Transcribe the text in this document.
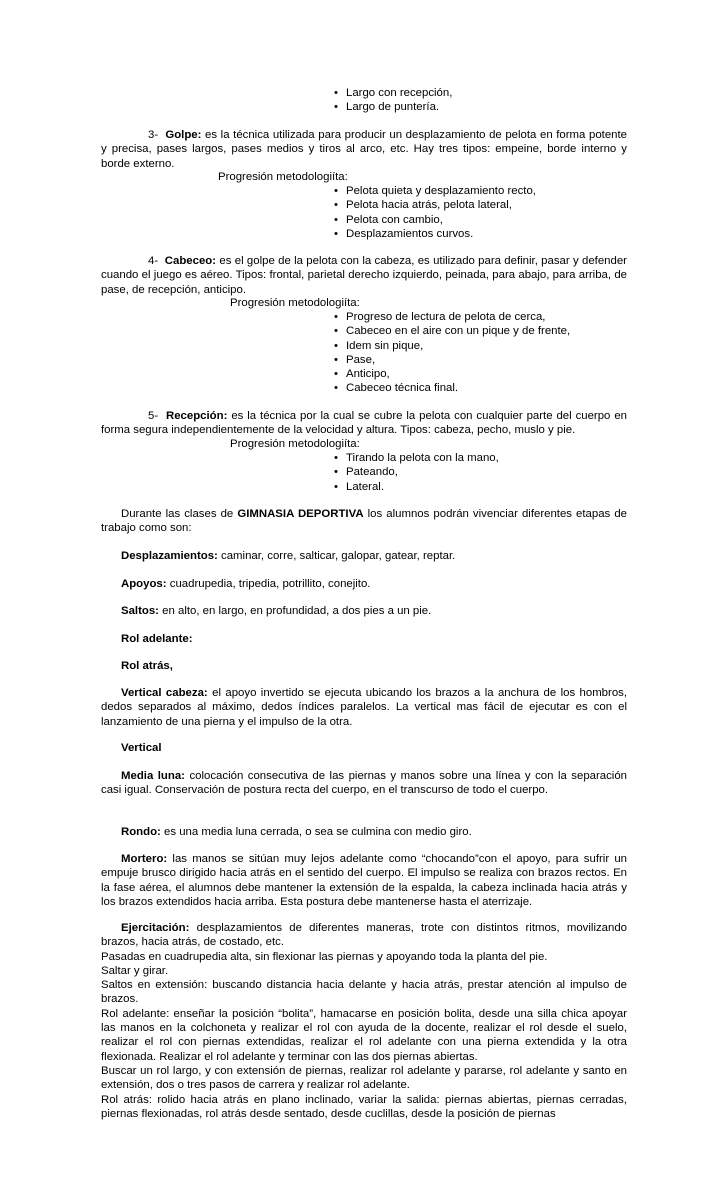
• Largo con recepción,
• Largo de puntería.

3- Golpe: es la técnica utilizada para producir un desplazamiento de pelota en forma potente y precisa, pases largos, pases medios y tiros al arco, etc. Hay tres tipos: empeine, borde interno y borde externo.

Progresión metodologiíta:

• Pelota quieta y desplazamiento recto,
• Pelota hacia atrás, pelota lateral,
• Pelota con cambio,
• Desplazamientos curvos.

4- Cabeceo: es el golpe de la pelota con la cabeza, es utilizado para definir, pasar y defender cuando el juego es aéreo. Tipos: frontal, parietal derecho izquierdo, peinada, para abajo, para arriba, de pase, de recepción, anticipo.

Progresión metodologiíta:

• Progreso de lectura de pelota de cerca,
• Cabeceo en el aire con un pique y de frente,
• Idem sin pique,
• Pase,
• Anticipo,
• Cabeceo técnica final.

5- Recepción: es la técnica por la cual se cubre la pelota con cualquier parte del cuerpo en forma segura independientemente de la velocidad y altura. Tipos: cabeza, pecho, muslo y pie.

Progresión metodologiíta:

• Tirando la pelota con la mano,
• Pateando,
• Lateral.

Durante las clases de GIMNASIA DEPORTIVA los alumnos podrán vivenciar diferentes etapas de trabajo como son:

Desplazamientos: caminar, corre, salticar, galopar, gatear, reptar.

Apoyos: cuadrupedia, tripedia, potrillito, conejito.

Saltos: en alto, en largo, en profundidad, a dos pies a un pie.

Rol adelante:

Rol atrás,

Vertical cabeza: el apoyo invertido se ejecuta ubicando los brazos a la anchura de los hombros, dedos separados al máximo, dedos índices paralelos. La vertical mas fácil de ejecutar es con el lanzamiento de una pierna y el impulso de la otra.

Vertical

Media luna: colocación consecutiva de las piernas y manos sobre una línea y con la separación casi igual. Conservación de postura recta del cuerpo, en el transcurso de todo el cuerpo.

Rondo: es una media luna cerrada, o sea se culmina con medio giro.

Mortero: las manos se sitúan muy lejos adelante como “chocando”con el apoyo, para sufrir un empuje brusco dirigido hacia atrás en el sentido del cuerpo. El impulso se realiza con brazos rectos. En la fase aérea, el alumnos debe mantener la extensión de la espalda, la cabeza inclinada hacia atrás y los brazos extendidos hacia arriba. Esta postura debe mantenerse hasta el aterrizaje.

Ejercitación: desplazamientos de diferentes maneras, trote con distintos ritmos, movilizando brazos, hacia atrás, de costado, etc.

Pasadas en cuadrupedia alta, sin flexionar las piernas y apoyando toda la planta del pie.

Saltar y girar.

Saltos en extensión: buscando distancia hacia delante y hacia atrás, prestar atención al impulso de brazos.

Rol adelante: enseñar la posición “bolita”, hamacarse en posición bolita, desde una silla chica apoyar las manos en la colchoneta y realizar el rol con ayuda de la docente, realizar el rol desde el suelo, realizar el rol con piernas extendidas, realizar el rol adelante con una pierna extendida y la otra flexionada. Realizar el rol adelante y terminar con las dos piernas abiertas.

Buscar un rol largo, y con extensión de piernas, realizar rol adelante y pararse, rol adelante y santo en extensión, dos o tres pasos de carrera y realizar rol adelante.

Rol atrás: rolido hacia atrás en plano inclinado, variar la salida: piernas abiertas, piernas cerradas, piernas flexionadas, rol atrás desde sentado, desde cuclillas, desde la posición de piernas
